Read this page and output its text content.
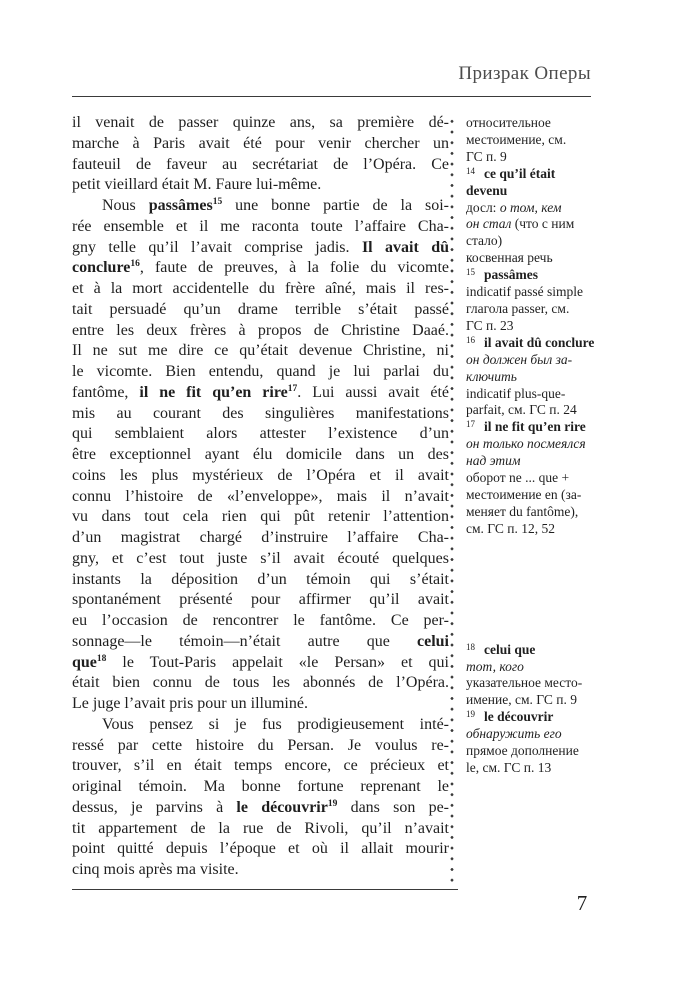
Призрак Оперы
il venait de passer quinze ans, sa première dé-
marche à Paris avait été pour venir chercher un
fauteuil de faveur au secrétariat de l’Opéra. Ce
petit vieillard était M. Faure lui-même.
Nous passâmes$^{15}$ une bonne partie de la soi-
rée ensemble et il me raconta toute l’affaire Cha-
gny telle qu’il l’avait comprise jadis. Il avait dû
conclure$^{16}$, faute de preuves, à la folie du vicomte
et à la mort accidentelle du frère aîné, mais il res-
tait persuadé qu’un drame terrible s’était passé
entre les deux frères à propos de Christine Daaé.
Il ne sut me dire ce qu’était devenue Christine, ni
le vicomte. Bien entendu, quand je lui parlai du
fantôme, il ne fit qu’en rire$^{17}$. Lui aussi avait été
mis au courant des singulières manifestations
qui semblaient alors attester l’existence d’un
être exceptionnel ayant élu domicile dans un des
coins les plus mystérieux de l’Opéra et il avait
connu l’histoire de «l’enveloppe», mais il n’avait
vu dans tout cela rien qui pût retenir l’attention
d’un magistrat chargé d’instruire l’affaire Cha-
gny, et c’est tout juste s’il avait écouté quelques
instants la déposition d’un témoin qui s’était
spontanément présenté pour affirmer qu’il avait
eu l’occasion de rencontrer le fantôme. Ce per-
sonnage—le témoin—n’était autre que celui
que$^{18}$ le Tout-Paris appelait «le Persan» et qui
était bien connu de tous les abonnés de l’Opéra.
Le juge l’avait pris pour un illuminé.
Vous pensez si je fus prodigieusement inté-
ressé par cette histoire du Persan. Je voulus re-
trouver, s’il en était temps encore, ce précieux et
original témoin. Ma bonne fortune reprenant le
dessus, je parvins à le découvrir$^{19}$ dans son pe-
tit appartement de la rue de Rivoli, qu’il n’avait
point quitté depuis l’époque et où il allait mourir
cinq mois après ma visite.
относительное
местоимение, см.
ГС п. 9
$^{14}$ ce qu’il était
devenu
досл: о том, кем
он стал (что с ним
стало)
косвенная речь
$^{15}$ passâmes
indicatif passé simple
глагола passer, см.
ГС п. 23
$^{16}$ il avait dû conclure
он должен был за-
ключить
indicatif plus-que-
parfait, см. ГС п. 24
$^{17}$ il ne fit qu’en rire
он только посмеялся
над этим
оборот ne ... que +
местоимение en (за-
меняет du fantôme),
см. ГС п. 12, 52
$^{18}$ celui que
тот, кого
указательное место-
имение, см. ГС п. 9
$^{19}$ le découvrir
обнаружить его
прямое дополнение
le, см. ГС п. 13
7
